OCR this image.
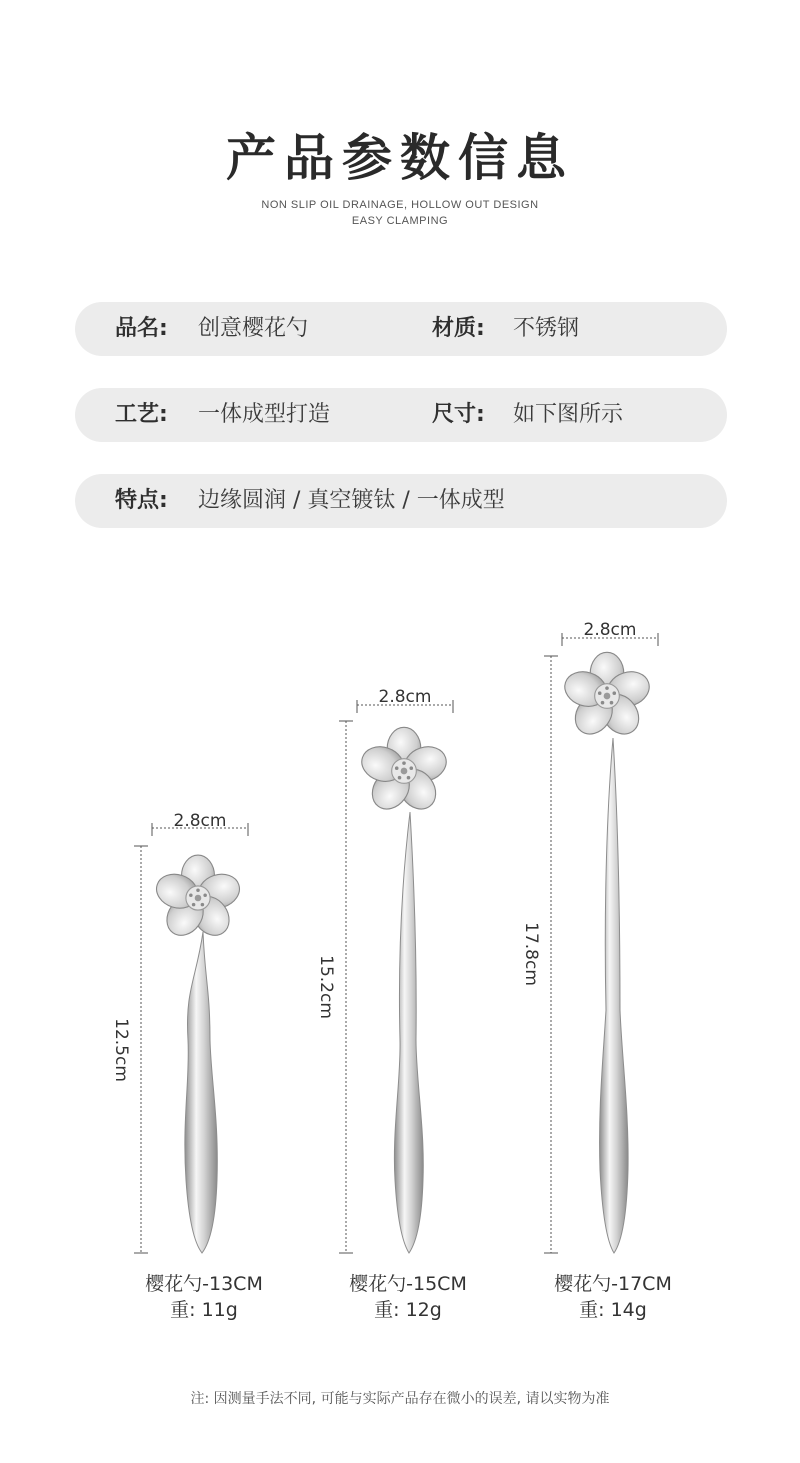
产品参数信息
NON SLIP OIL DRAINAGE, HOLLOW OUT DESIGN
EASY CLAMPING
品名: 创意樱花勺	材质: 不锈钢
工艺: 一体成型打造	尺寸: 如下图所示
特点: 边缘圆润 / 真空镀钛 / 一体成型
2.8cm
2.8cm
2.8cm
12.5cm
15.2cm
17.8cm
樱花勺-13CM
重: 11g
樱花勺-15CM
重: 12g
樱花勺-17CM
重: 14g
注: 因测量手法不同, 可能与实际产品存在微小的误差, 请以实物为准
